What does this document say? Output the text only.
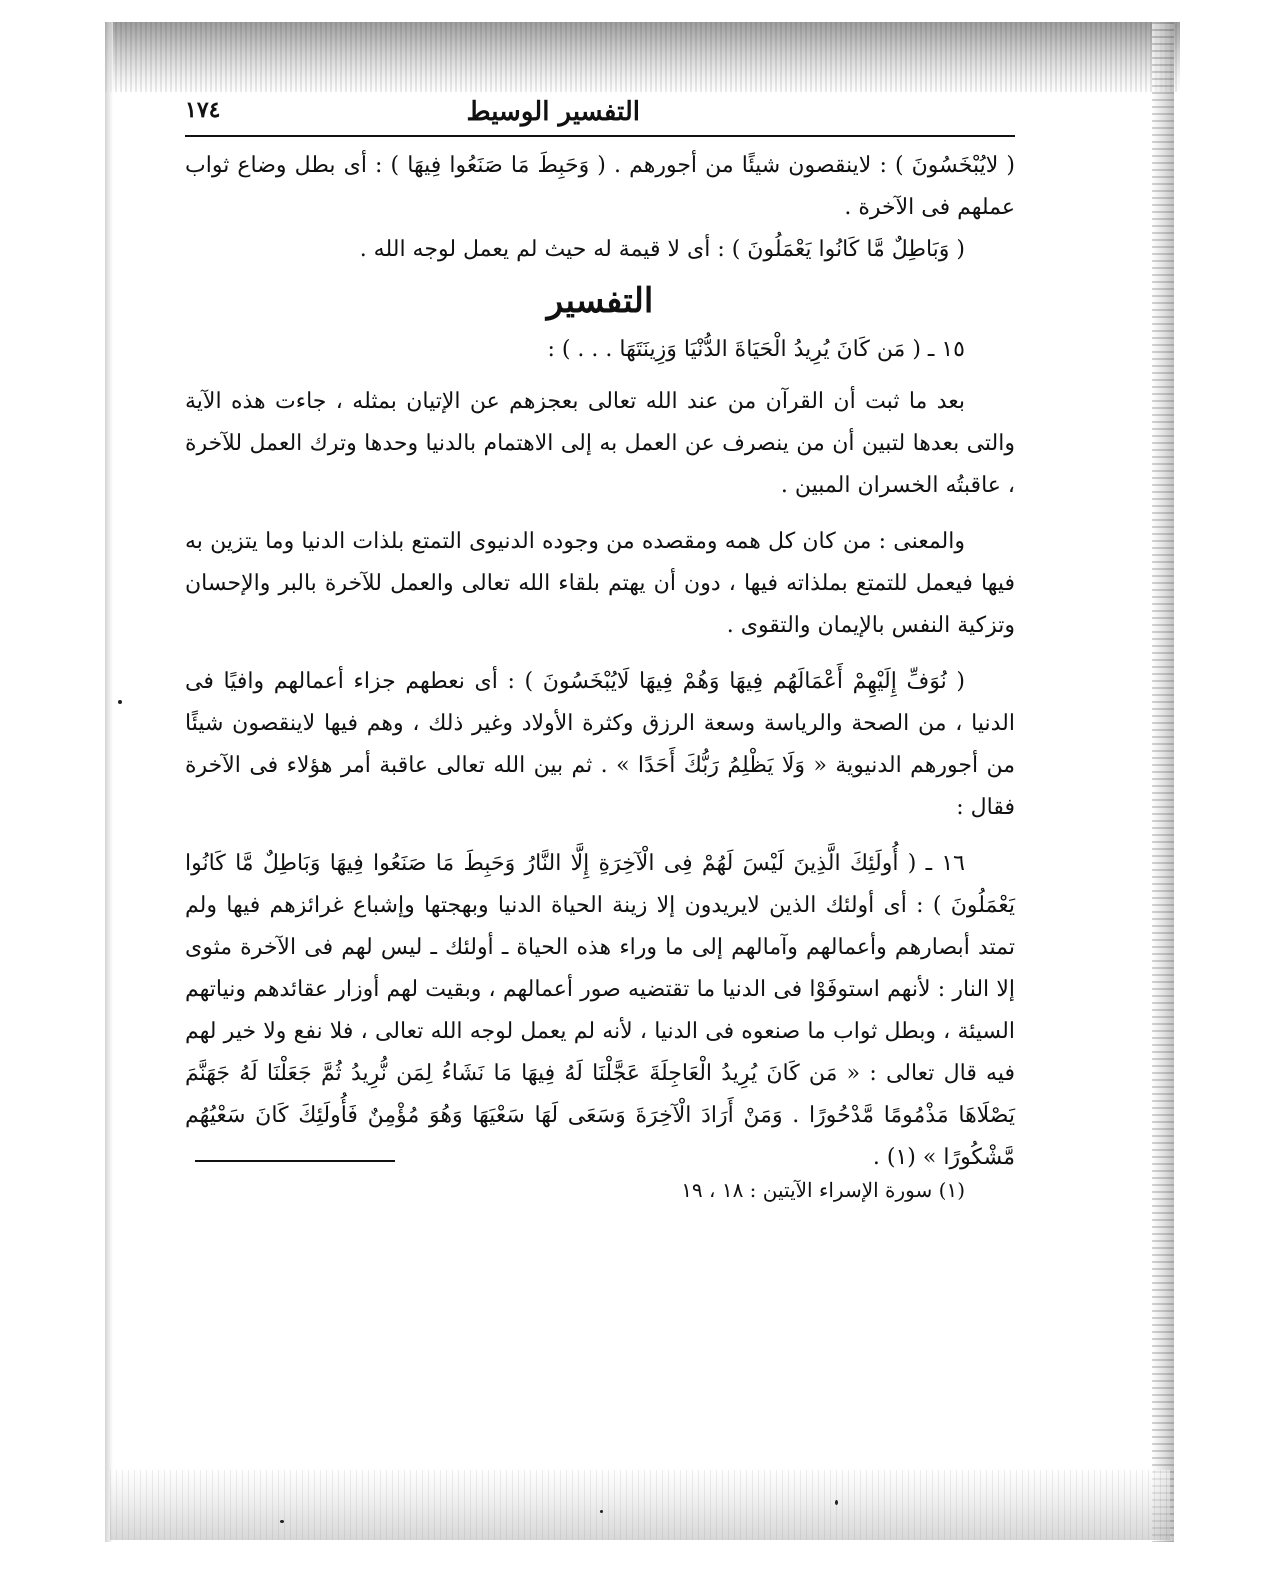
التفسير الوسيط
١٧٤

( لايُبْخَسُونَ ) : لاينقصون شيئًا من أجورهم . ( وَحَبِطَ مَا صَنَعُوا فِيهَا ) : أى بطل وضاع ثواب عملهم فى الآخرة .

( وَبَاطِلٌ مَّا كَانُوا يَعْمَلُونَ ) : أى لا قيمة له حيث لم يعمل لوجه الله .

التفسير

١٥ ـ ( مَن كَانَ يُرِيدُ الْحَيَاةَ الدُّنْيَا وَزِينَتَهَا . . . ) :

بعد ما ثبت أن القرآن من عند الله تعالى بعجزهم عن الإتيان بمثله ، جاءت هذه الآية والتى بعدها لتبين أن من ينصرف عن العمل به إلى الاهتمام بالدنيا وحدها وترك العمل للآخرة ، عاقبتُه الخسران المبين .

والمعنى : من كان كل همه ومقصده من وجوده الدنيوى التمتع بلذات الدنيا وما يتزين به فيها فيعمل للتمتع بملذاته فيها ، دون أن يهتم بلقاء الله تعالى والعمل للآخرة بالبر والإحسان وتزكية النفس بالإيمان والتقوى .

( نُوَفِّ إِلَيْهِمْ أَعْمَالَهُم فِيهَا وَهُمْ فِيهَا لَايُبْخَسُونَ ) : أى نعطهم جزاء أعمالهم وافيًا فى الدنيا ، من الصحة والرياسة وسعة الرزق وكثرة الأولاد وغير ذلك ، وهم فيها لاينقصون شيئًا من أجورهم الدنيوية « وَلَا يَظْلِمُ رَبُّكَ أَحَدًا » . ثم بين الله تعالى عاقبة أمر هؤلاء فى الآخرة فقال :

١٦ ـ ( أُولَئِكَ الَّذِينَ لَيْسَ لَهُمْ فِى الْآخِرَةِ إِلَّا النَّارُ وَحَبِطَ مَا صَنَعُوا فِيهَا وَبَاطِلٌ مَّا كَانُوا يَعْمَلُونَ ) : أى أولئك الذين لايريدون إلا زينة الحياة الدنيا وبهجتها وإشباع غرائزهم فيها ولم تمتد أبصارهم وأعمالهم وآمالهم إلى ما وراء هذه الحياة ـ أولئك ـ ليس لهم فى الآخرة مثوى إلا النار : لأنهم استوفَوْا فى الدنيا ما تقتضيه صور أعمالهم ، وبقيت لهم أوزار عقائدهم ونياتهم السيئة ، وبطل ثواب ما صنعوه فى الدنيا ، لأنه لم يعمل لوجه الله تعالى ، فلا نفع ولا خير لهم فيه قال تعالى : « مَن كَانَ يُرِيدُ الْعَاجِلَةَ عَجَّلْنَا لَهُ فِيهَا مَا نَشَاءُ لِمَن نُّرِيدُ ثُمَّ جَعَلْنَا لَهُ جَهَنَّمَ يَصْلَاهَا مَذْمُومًا مَّدْحُورًا . وَمَنْ أَرَادَ الْآخِرَةَ وَسَعَى لَهَا سَعْيَهَا وَهُوَ مُؤْمِنٌ فَأُولَئِكَ كَانَ سَعْيُهُم مَّشْكُورًا » (١) .

(١) سورة الإسراء الآيتين : ١٨ ، ١٩
